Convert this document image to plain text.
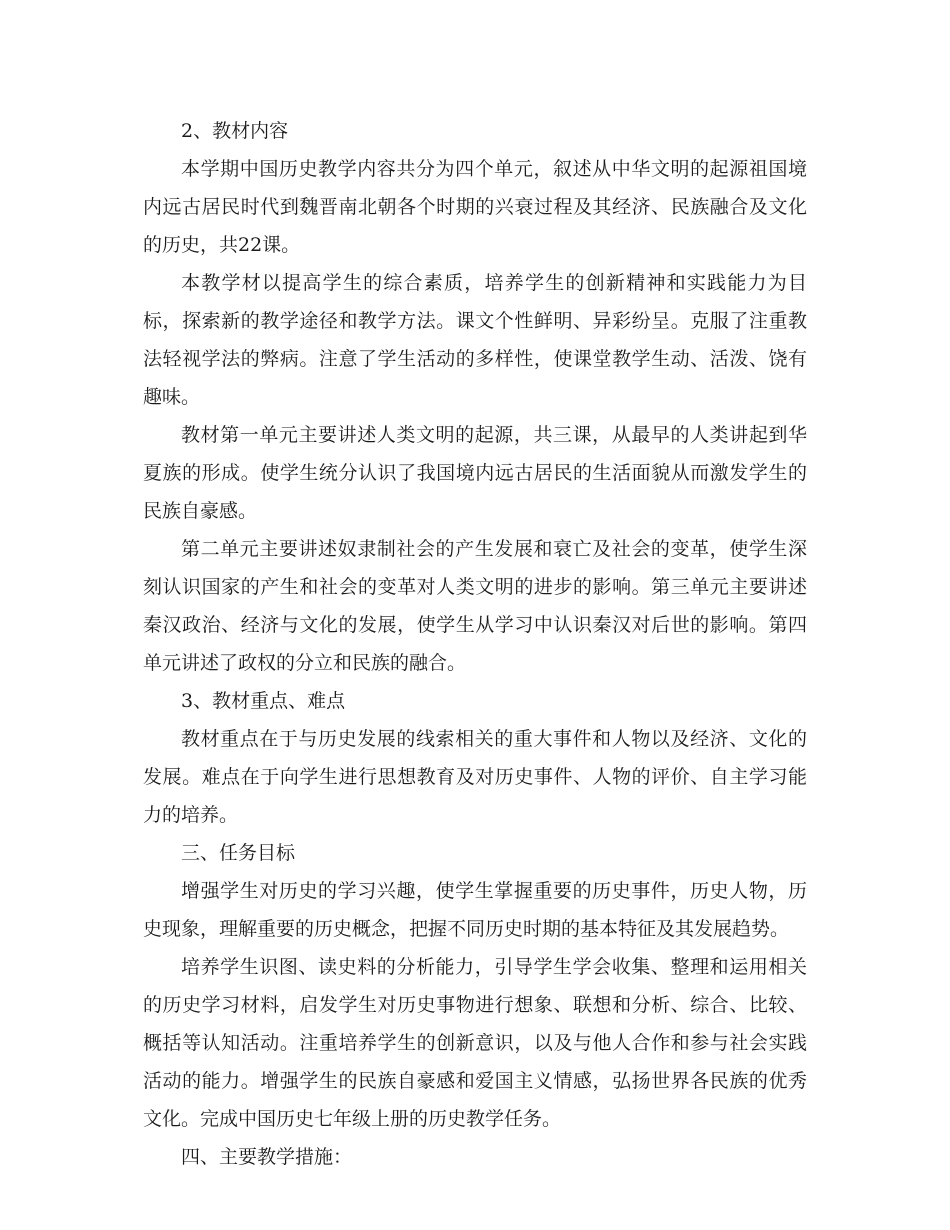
2、教材内容

本学期中国历史教学内容共分为四个单元，叙述从中华文明的起源祖国境内远古居民时代到魏晋南北朝各个时期的兴衰过程及其经济、民族融合及文化的历史，共22课。

本教学材以提高学生的综合素质，培养学生的创新精神和实践能力为目标，探索新的教学途径和教学方法。课文个性鲜明、异彩纷呈。克服了注重教法轻视学法的弊病。注意了学生活动的多样性，使课堂教学生动、活泼、饶有趣味。

教材第一单元主要讲述人类文明的起源，共三课，从最早的人类讲起到华夏族的形成。使学生统分认识了我国境内远古居民的生活面貌从而激发学生的民族自豪感。

第二单元主要讲述奴隶制社会的产生发展和衰亡及社会的变革，使学生深刻认识国家的产生和社会的变革对人类文明的进步的影响。第三单元主要讲述秦汉政治、经济与文化的发展，使学生从学习中认识秦汉对后世的影响。第四单元讲述了政权的分立和民族的融合。

3、教材重点、难点

教材重点在于与历史发展的线索相关的重大事件和人物以及经济、文化的发展。难点在于向学生进行思想教育及对历史事件、人物的评价、自主学习能力的培养。

三、任务目标

增强学生对历史的学习兴趣，使学生掌握重要的历史事件，历史人物，历史现象，理解重要的历史概念，把握不同历史时期的基本特征及其发展趋势。

培养学生识图、读史料的分析能力，引导学生学会收集、整理和运用相关的历史学习材料，启发学生对历史事物进行想象、联想和分析、综合、比较、概括等认知活动。注重培养学生的创新意识，以及与他人合作和参与社会实践活动的能力。增强学生的民族自豪感和爱国主义情感，弘扬世界各民族的优秀文化。完成中国历史七年级上册的历史教学任务。

四、主要教学措施：
